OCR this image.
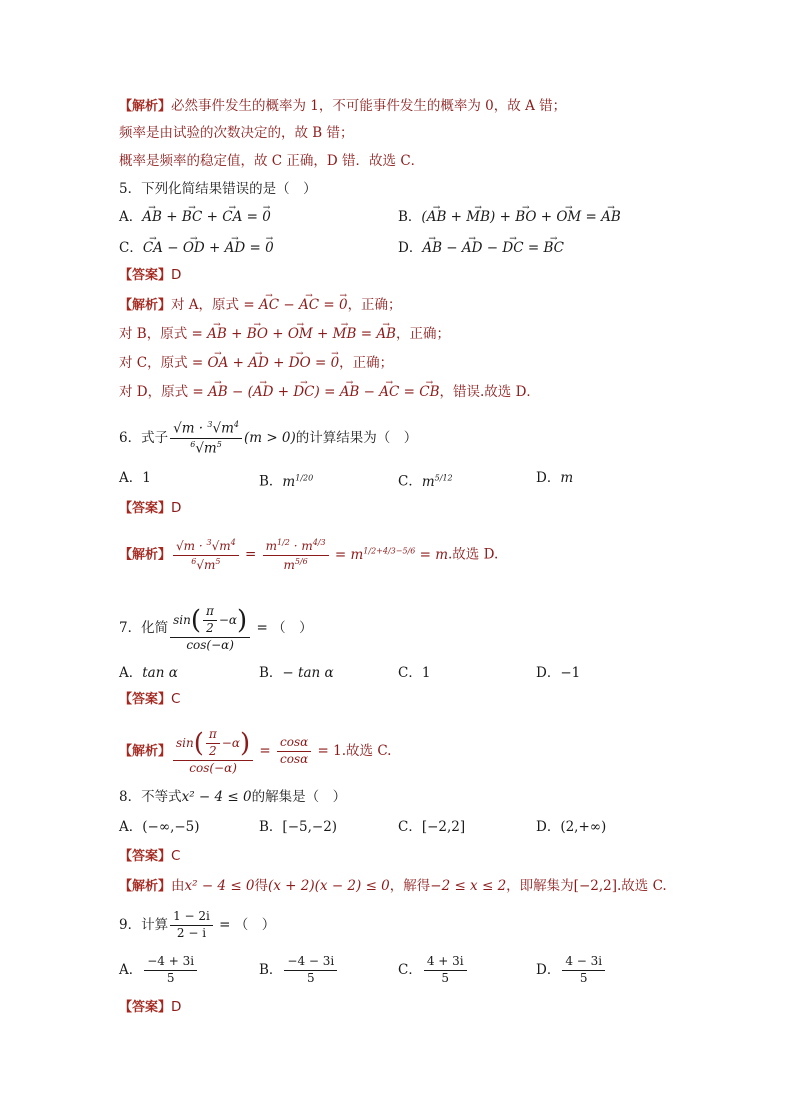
【解析】必然事件发生的概率为 1，不可能事件发生的概率为 0，故 A 错；
频率是由试验的次数决定的，故 B 错；
概率是频率的稳定值，故 C 正确，D 错．故选 C．
5．下列化简结果错误的是（　）
A．→ AB + → BC + → CA = → 0	B．(→ AB + → MB) + → BO + → OM = → AB
C．→ CA − → OD + → AD = → 0	D．→ AB − → AD − → DC = → BC
【答案】D
【解析】对 A，原式 = → AC − → AC = → 0，正确；
对 B，原式 = → AB + → BO + → OM + → MB = → AB，正确；
对 C，原式 = → OA + → AD + → DO = → 0，正确；
对 D，原式 = → AB − (→ AD + → DC) = → AB − → AC = → CB，错误.故选 D．
6．式子 $\frac{√m \cdot ^3√m^4}{^6√m^5} (m > 0)$的计算结果为（　）
A．1	B．$m^{1/20}$	C．$m^{5/12}$	D．m
【答案】D
【解析】 $\frac{√m \cdot ^3√m^4}{^6√m^5} = \frac{m^{1/2} \cdot m^{4/3}}{m^{5/6}} = m^{1/2+4/3-5/6} = m$.故选 D.
7．化简 $\frac{\sin( \frac{\pi}{2} -\alpha)}{\cos(-\alpha)}$ = （　）
A．tan α	B．− tan α	C．1	D．−1
【答案】C
【解析】 $\frac{\sin( \frac{\pi}{2} -\alpha)}{\cos(-\alpha)} = \frac{\cos\alpha}{\cos\alpha} = 1$.故选 C.
8．不等式x² − 4 ≤ 0的解集是（　）
A．(−∞,−5)	B．[−5,−2)	C．[−2,2]	D．(2,+∞)
【答案】C
【解析】由x² − 4 ≤ 0得(x + 2)(x − 2) ≤ 0，解得−2 ≤ x ≤ 2，即解集为[−2,2].故选 C.
9．计算 $\frac{1 - 2i}{2 - i}$ = （　）
A． $\frac{-4 + 3i}{5}$	B． $\frac{-4 - 3i}{5}$	C． $\frac{4 + 3i}{5}$	D． $\frac{4 - 3i}{5}$
【答案】D
